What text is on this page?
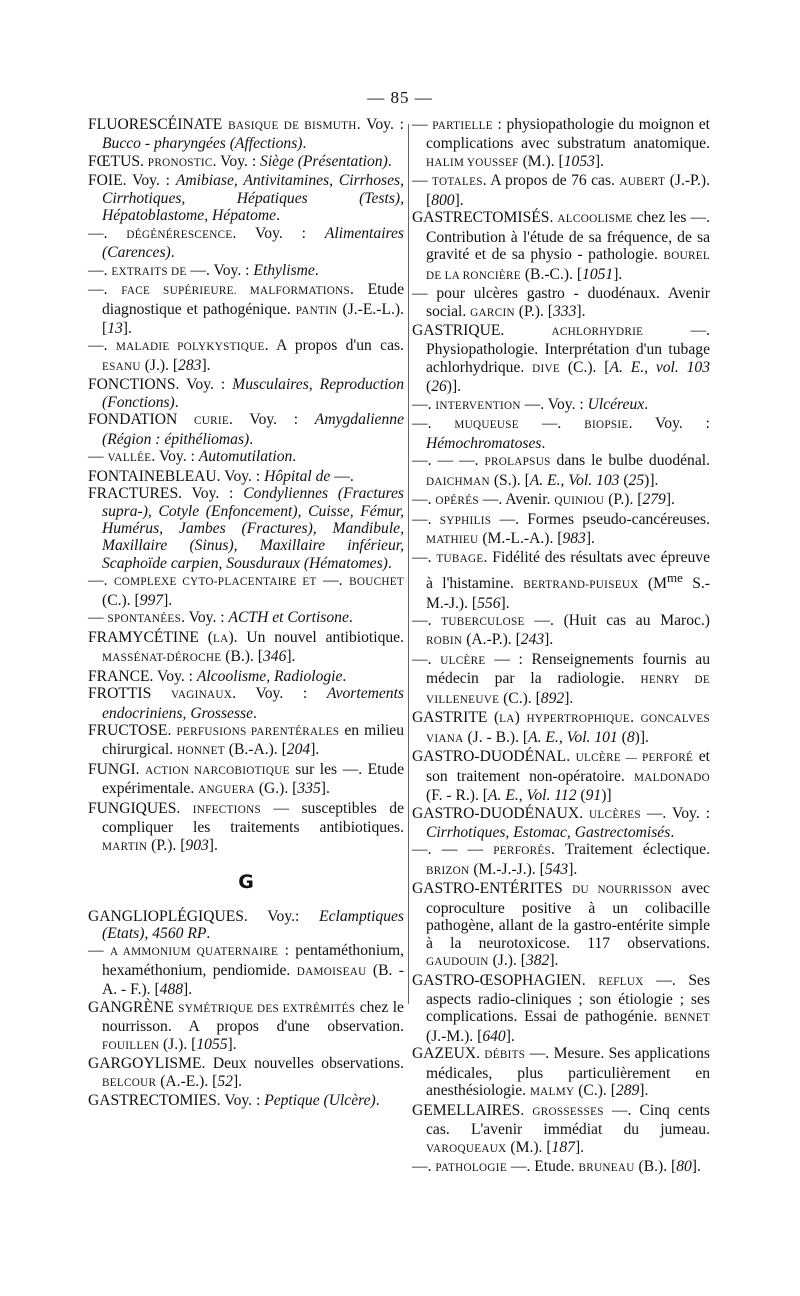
— 85 —

FLUORESCÉINATE BASIQUE DE BISMUTH. Voy. : Bucco - pharyngées (Affections).

FŒTUS. PRONOSTIC. Voy. : Siège (Présentation).

FOIE. Voy. : Amibiase, Antivitamines, Cirrhoses, Cirrhotiques, Hépatiques (Tests), Hépatoblastome, Hépatome.

—. DÉGÉNÉRESCENCE. Voy. : Alimentaires (Carences).

—. EXTRAITS DE —. Voy. : Ethylisme.

—. FACE SUPÉRIEURE. MALFORMATIONS. Etude diagnostique et pathogénique. PANTIN (J.-E.-L.). [13].

—. MALADIE POLYKYSTIQUE. A propos d'un cas. ESANU (J.). [283].

FONCTIONS. Voy. : Musculaires, Reproduction (Fonctions).

FONDATION CURIE. Voy. : Amygdalienne (Région : épithéliomas).

— VALLÉE. Voy. : Automutilation.

FONTAINEBLEAU. Voy. : Hôpital de —.

FRACTURES. Voy. : Condyliennes (Fractures supra-), Cotyle (Enfoncement), Cuisse, Fémur, Humérus, Jambes (Fractures), Mandibule, Maxillaire (Sinus), Maxillaire inférieur, Scaphoïde carpien, Sousduraux (Hématomes).

—. COMPLEXE CYTO-PLACENTAIRE ET —. BOUCHET (C.). [997].

— SPONTANÉES. Voy. : ACTH et Cortisone.

FRAMYCÉTINE (LA). Un nouvel antibiotique. MASSÉNAT-DÉROCHE (B.). [346].

FRANCE. Voy. : Alcoolisme, Radiologie.

FROTTIS VAGINAUX. Voy. : Avortements endocriniens, Grossesse.

FRUCTOSE. PERFUSIONS PARENTÉRALES en milieu chirurgical. HONNET (B.-A.). [204].

FUNGI. ACTION NARCOBIOTIQUE sur les —. Etude expérimentale. ANGUERA (G.). [335].

FUNGIQUES. INFECTIONS — susceptibles de compliquer les traitements antibiotiques. MARTIN (P.). [903].

G

GANGLIOPLÉGIQUES. Voy.: Eclamptiques (Etats), 4560 RP.

— A AMMONIUM QUATERNAIRE : pentaméthonium, hexaméthonium, pendiomide. DAMOISEAU (B. - A. - F.). [488].

GANGRÈNE SYMÉTRIQUE DES EXTRÉMITÉS chez le nourrisson. A propos d'une observation. FOUILLEN (J.). [1055].

GARGOYLISME. Deux nouvelles observations. BELCOUR (A.-E.). [52].

GASTRECTOMIES. Voy. : Peptique (Ulcère).

— PARTIELLE : physiopathologie du moignon et complications avec substratum anatomique. HALIM YOUSSEF (M.). [1053].

— TOTALES. A propos de 76 cas. AUBERT (J.-P.). [800].

GASTRECTOMISÉS. ALCOOLISME chez les —. Contribution à l'étude de sa fréquence, de sa gravité et de sa physio - pathologie. BOUREL DE LA RONCIÈRE (B.-C.). [1051].

— pour ulcères gastro - duodénaux. Avenir social. GARCIN (P.). [333].

GASTRIQUE. ACHLORHYDRIE —. Physiopathologie. Interprétation d'un tubage achlorhydrique. DIVE (C.). [A. E., vol. 103 (26)].

—. INTERVENTION —. Voy. : Ulcéreux.

—. MUQUEUSE —. BIOPSIE. Voy. : Hémochromatoses.

—. — —. PROLAPSUS dans le bulbe duodénal. DAICHMAN (S.). [A. E., Vol. 103 (25)].

—. OPÉRÉS —. Avenir. QUINIOU (P.). [279].

—. SYPHILIS —. Formes pseudo-cancéreuses. MATHIEU (M.-L.-A.). [983].

—. TUBAGE. Fidélité des résultats avec épreuve à l'histamine. BERTRAND-PUISEUX ($M^{me}$ S.-M.-J.). [556].

—. TUBERCULOSE —. (Huit cas au Maroc.) ROBIN (A.-P.). [243].

—. ULCÈRE — : Renseignements fournis au médecin par la radiologie. HENRY DE VILLENEUVE (C.). [892].

GASTRITE (LA) HYPERTROPHIQUE. GONCALVES VIANA (J. - B.). [A. E., Vol. 101 (8)].

GASTRO-DUODÉNAL. ULCÈRE — PERFORÉ et son traitement non-opératoire. MALDONADO (F. - R.). [A. E., Vol. 112 (91)]

GASTRO-DUODÉNAUX. ULCÈRES —. Voy. : Cirrhotiques, Estomac, Gastrectomisés.

—. — — PERFORÉS. Traitement éclectique. BRIZON (M.-J.-J.). [543].

GASTRO-ENTÉRITES DU NOURRISSON avec coproculture positive à un colibacille pathogène, allant de la gastro-entérite simple à la neurotoxicose. 117 observations. GAUDOUIN (J.). [382].

GASTRO-ŒSOPHAGIEN. REFLUX —. Ses aspects radio-cliniques ; son étiologie ; ses complications. Essai de pathogénie. BENNET (J.-M.). [640].

GAZEUX. DÉBITS —. Mesure. Ses applications médicales, plus particulièrement en anesthésiologie. MALMY (C.). [289].

GEMELLAIRES. GROSSESSES —. Cinq cents cas. L'avenir immédiat du jumeau. VAROQUEAUX (M.). [187].

—. PATHOLOGIE —. Etude. BRUNEAU (B.). [80].
